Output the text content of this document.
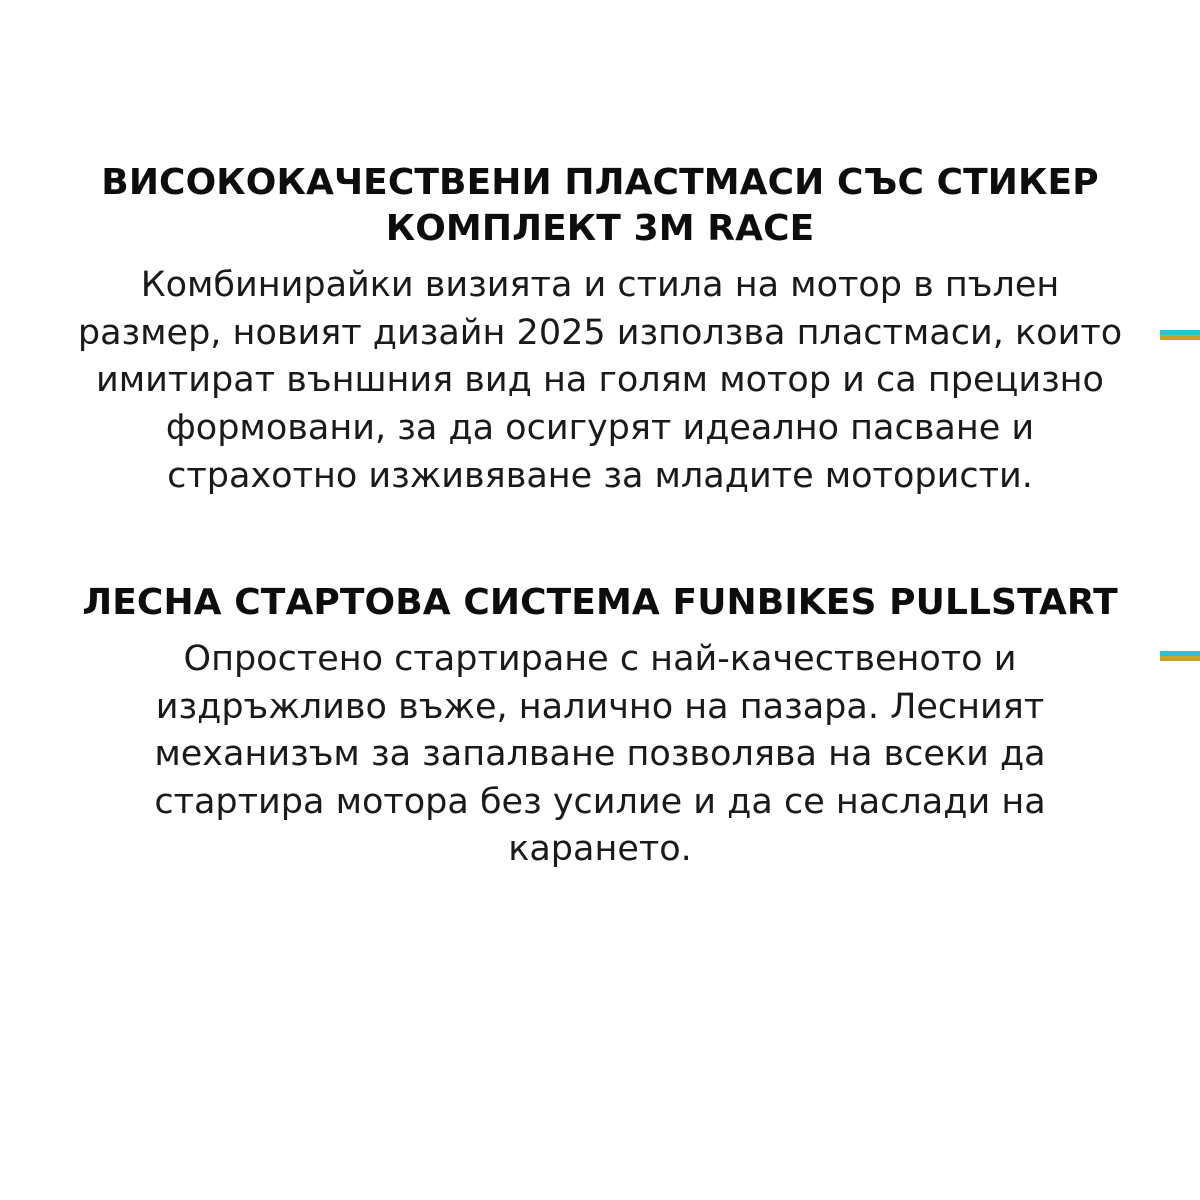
ВИСОКОКАЧЕСТВЕНИ ПЛАСТМАСИ СЪС СТИКЕР КОМПЛЕКТ 3M RACE

Комбинирайки визията и стила на мотор в пълен размер, новият дизайн 2025 използва пластмаси, които имитират външния вид на голям мотор и са прецизно формовани, за да осигурят идеално пасване и страхотно изживяване за младите мотористи.

ЛЕСНА СТАРТОВА СИСТЕМА FUNBIKES PULLSTART

Опростено стартиране с най-качественото и издръжливо въже, налично на пазара. Лесният механизъм за запалване позволява на всеки да стартира мотора без усилие и да се наслади на карането.
